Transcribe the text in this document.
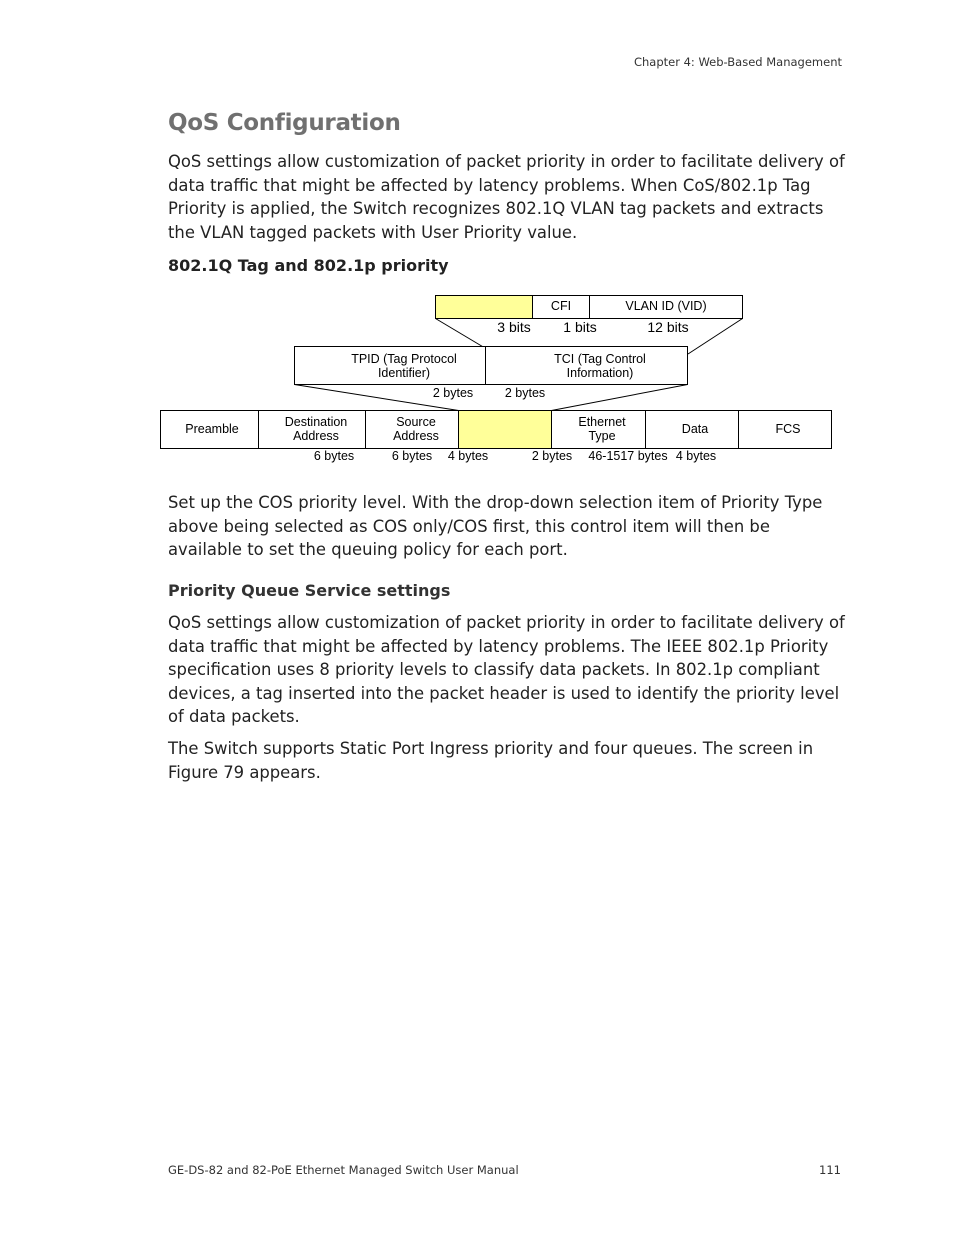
Chapter 4: Web-Based Management
QoS Configuration

QoS settings allow customization of packet priority in order to facilitate delivery of data traffic that might be affected by latency problems. When CoS/802.1p Tag Priority is applied, the Switch recognizes 802.1Q VLAN tag packets and extracts the VLAN tagged packets with User Priority value.

802.1Q Tag and 802.1p priority
CFI	VLAN ID (VID)
3 bits 1 bits	12 bits
TPID (Tag Protocol
Identifier)
TCI (Tag Control
Information)
2 bytes	2 bytes
Preamble	Destination
Address
Source
Address
Ethernet
Type	Data	FCS
6 bytes	6 bytes 4 bytes	2 bytes 46-1517 bytes 4 bytes

Set up the COS priority level. With the drop-down selection item of Priority Type above being selected as COS only/COS first, this control item will then be available to set the queuing policy for each port.

Priority Queue Service settings

QoS settings allow customization of packet priority in order to facilitate delivery of data traffic that might be affected by latency problems. The IEEE 802.1p Priority specification uses 8 priority levels to classify data packets. In 802.1p compliant devices, a tag inserted into the packet header is used to identify the priority level of data packets.

The Switch supports Static Port Ingress priority and four queues. The screen in Figure 79 appears.

GE-DS-82 and 82-PoE Ethernet Managed Switch User Manual	111
